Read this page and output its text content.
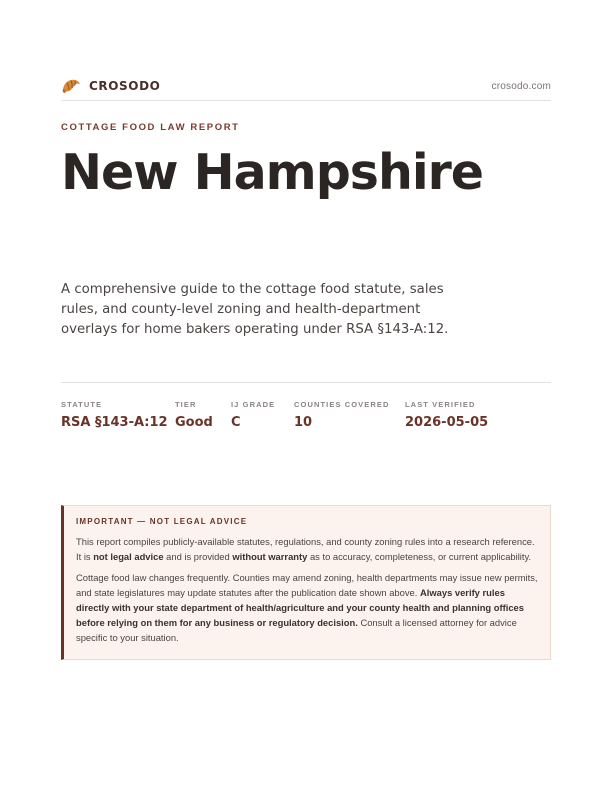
CROSODO	crosodo.com
COTTAGE FOOD LAW REPORT
New Hampshire

A comprehensive guide to the cottage food statute, sales rules, and county-level zoning and health-department overlays for home bakers operating under RSA §143-A:12.

STATUTE
RSA §143-A:12
TIER
Good
IJ GRADE
C
COUNTIES COVERED
10
LAST VERIFIED
2026-05-05
IMPORTANT — NOT LEGAL ADVICE

This report compiles publicly-available statutes, regulations, and county zoning rules into a research reference. It is not legal advice and is provided without warranty as to accuracy, completeness, or current applicability.

Cottage food law changes frequently. Counties may amend zoning, health departments may issue new permits, and state legislatures may update statutes after the publication date shown above. Always verify rules directly with your state department of health/agriculture and your county health and planning offices before relying on them for any business or regulatory decision. Consult a licensed attorney for advice specific to your situation.
